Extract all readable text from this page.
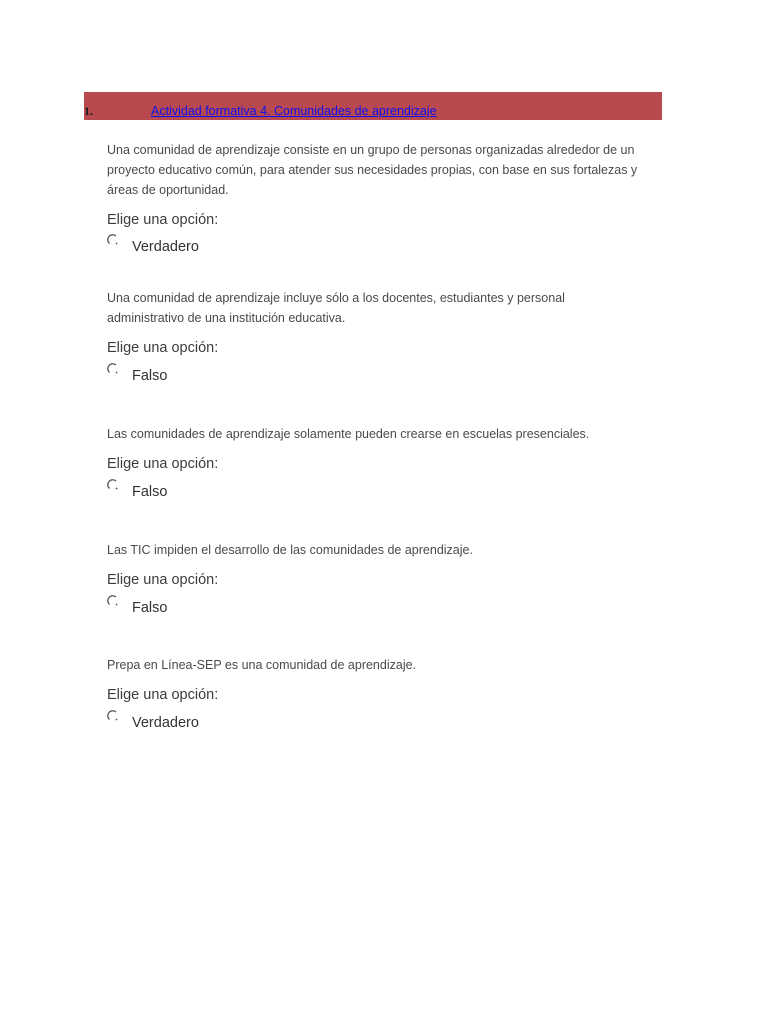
1.	Actividad formativa 4. Comunidades de aprendizaje

Una comunidad de aprendizaje consiste en un grupo de personas organizadas alrededor de un proyecto educativo común, para atender sus necesidades propias, con base en sus fortalezas y áreas de oportunidad.

Elige una opción:

Verdadero

Una comunidad de aprendizaje incluye sólo a los docentes, estudiantes y personal administrativo de una institución educativa.

Elige una opción:

Falso

Las comunidades de aprendizaje solamente pueden crearse en escuelas presenciales.

Elige una opción:

Falso

Las TIC impiden el desarrollo de las comunidades de aprendizaje.

Elige una opción:

Falso

Prepa en Línea-SEP es una comunidad de aprendizaje.

Elige una opción:

Verdadero
